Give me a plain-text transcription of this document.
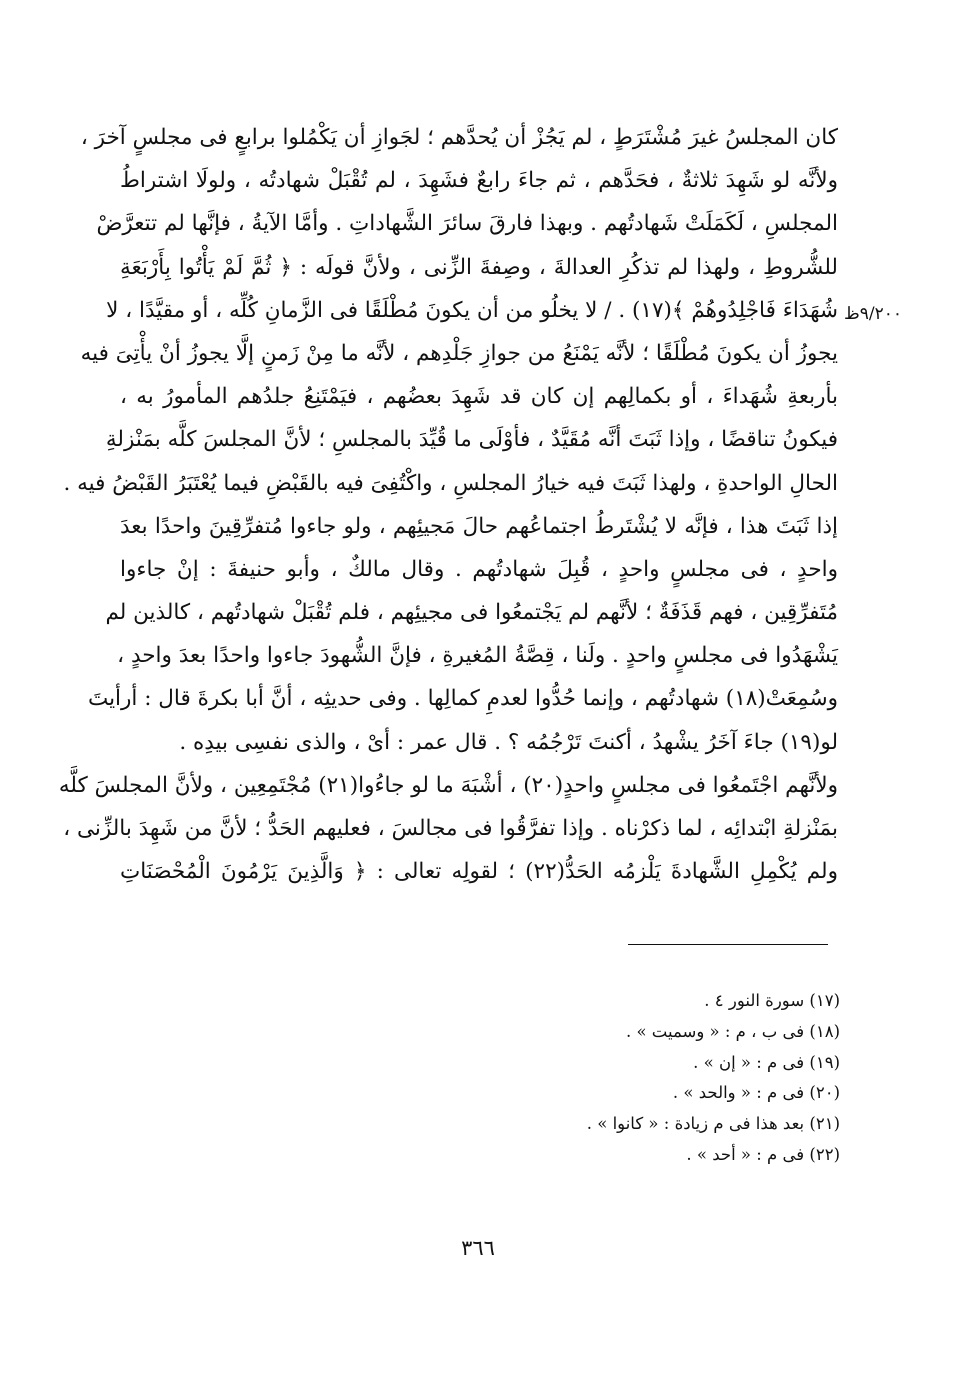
٩/٢٠٠ظ
كان المجلسُ غيرَ مُشْتَرَطٍ ، لم يَجُزْ أن يُحدَّهم ؛ لجَوازِ أن يَكْمُلوا برابعٍ فى مجلسٍ آخرَ ،
ولأنَّه لو شَهِدَ ثلاثةٌ ، فحَدَّهم ، ثم جاءَ رابعٌ فشَهِدَ ، لم تُقْبَلْ شهادتُه ، ولولَا اشتراطُ
المجلسِ ، لَكَمَلَتْ شَهادتُهم . وبهذا فارقَ سائرَ الشَّهاداتِ . وأمَّا الآيةُ ، فإنَّها لم تتعرَّضْ
للشُّروطِ ، ولهذا لم تذكُرِ العدالةَ ، وصِفةَ الزِّنى ، ولأنَّ قولَه : ﴿ ثُمَّ لَمْ يَأْتُوا بِأَرْبَعَةِ
شُهَدَاءَ فَاجْلِدُوهُمْ ﴾(١٧) . / لا يخلُو من أن يكونَ مُطْلَقًا فى الزَّمانِ كُلِّه ، أو مقيَّدًا ، لا
يجوزُ أن يكونَ مُطْلَقًا ؛ لأنَّه يَمْنَعُ من جوازِ جَلْدِهم ، لأنَّه ما مِنْ زَمنٍ إلَّا يجوزُ أنْ يأْتِىَ فيه
بأربعةِ شُهَداءَ ، أو بكمالِهم إن كان قد شَهِدَ بعضُهم ، فيَمْتَنِعُ جلدُهم المأمورُ به ،
فيكونُ تناقضًا ، وإذا ثَبَتَ أنَّه مُقَيَّدٌ ، فأوْلَى ما قُيِّدَ بالمجلسِ ؛ لأنَّ المجلسَ كلَّه بمَنْزلةِ
الحالِ الواحدةِ ، ولهذا ثَبَتَ فيه خيارُ المجلسِ ، واكْتُفِىَ فيه بالقَبْضِ فيما يُعْتَبَرُ القَبْضُ فيه .
إذا ثَبَتَ هذا ، فإنَّه لا يُشْتَرطُ اجتماعُهم حالَ مَجيئِهم ، ولو جاءوا مُتفرِّقِينَ واحدًا بعدَ
واحدٍ ، فى مجلسٍ واحدٍ ، قُبِلَ شهادتُهم . وقال مالكٌ ، وأبو حنيفةَ : إنْ جاءوا
مُتَفرِّقِين ، فهم قَذَفَةٌ ؛ لأنَّهم لم يَجْتمعُوا فى مجيئِهم ، فلم تُقْبَلْ شهادتُهم ، كالذين لم
يَشْهَدُوا فى مجلسٍ واحدٍ . ولَنا ، قِصَّةُ المُغيرةِ ، فإنَّ الشُّهودَ جاءوا واحدًا بعدَ واحدٍ ،
وسُمِعَتْ(١٨) شهادتُهم ، وإنما حُدُّوا لعدمِ كمالِها . وفى حديثِه ، أنَّ أبا بكرةَ قال : أرأيتَ
لو(١٩) جاءَ آخَرُ يشْهدُ ، أكنتَ تَرْجُمُه ؟ . قال عمر : أىْ ، والذى نفسِى بيدِه .
ولأنَّهم اجْتَمعُوا فى مجلسٍ واحدٍ(٢٠) ، أشْبَهَ ما لو جاءُوا(٢١) مُجْتَمِعِين ، ولأنَّ المجلسَ كلَّه
بمَنْزلةِ ابْتدائِه ، لما ذكرْناه . وإذا تفرَّقُوا فى مجالسَ ، فعليهم الحَدُّ ؛ لأنَّ من شَهِدَ بالزِّنى ،
ولم يُكْمِلِ الشَّهادةَ يَلْزمُه الحَدُّ(٢٢) ؛ لقولِه تعالى : ﴿ وَالَّذِينَ يَرْمُونَ الْمُحْصَنَاتِ
(١٧) سورة النور ٤ .
(١٨) فى ب ، م : « وسميت » .
(١٩) فى م : « إن » .
(٢٠) فى م : « والحد » .
(٢١) بعد هذا فى م زيادة : « كانوا » .
(٢٢) فى م : « أحد » .
٣٦٦
